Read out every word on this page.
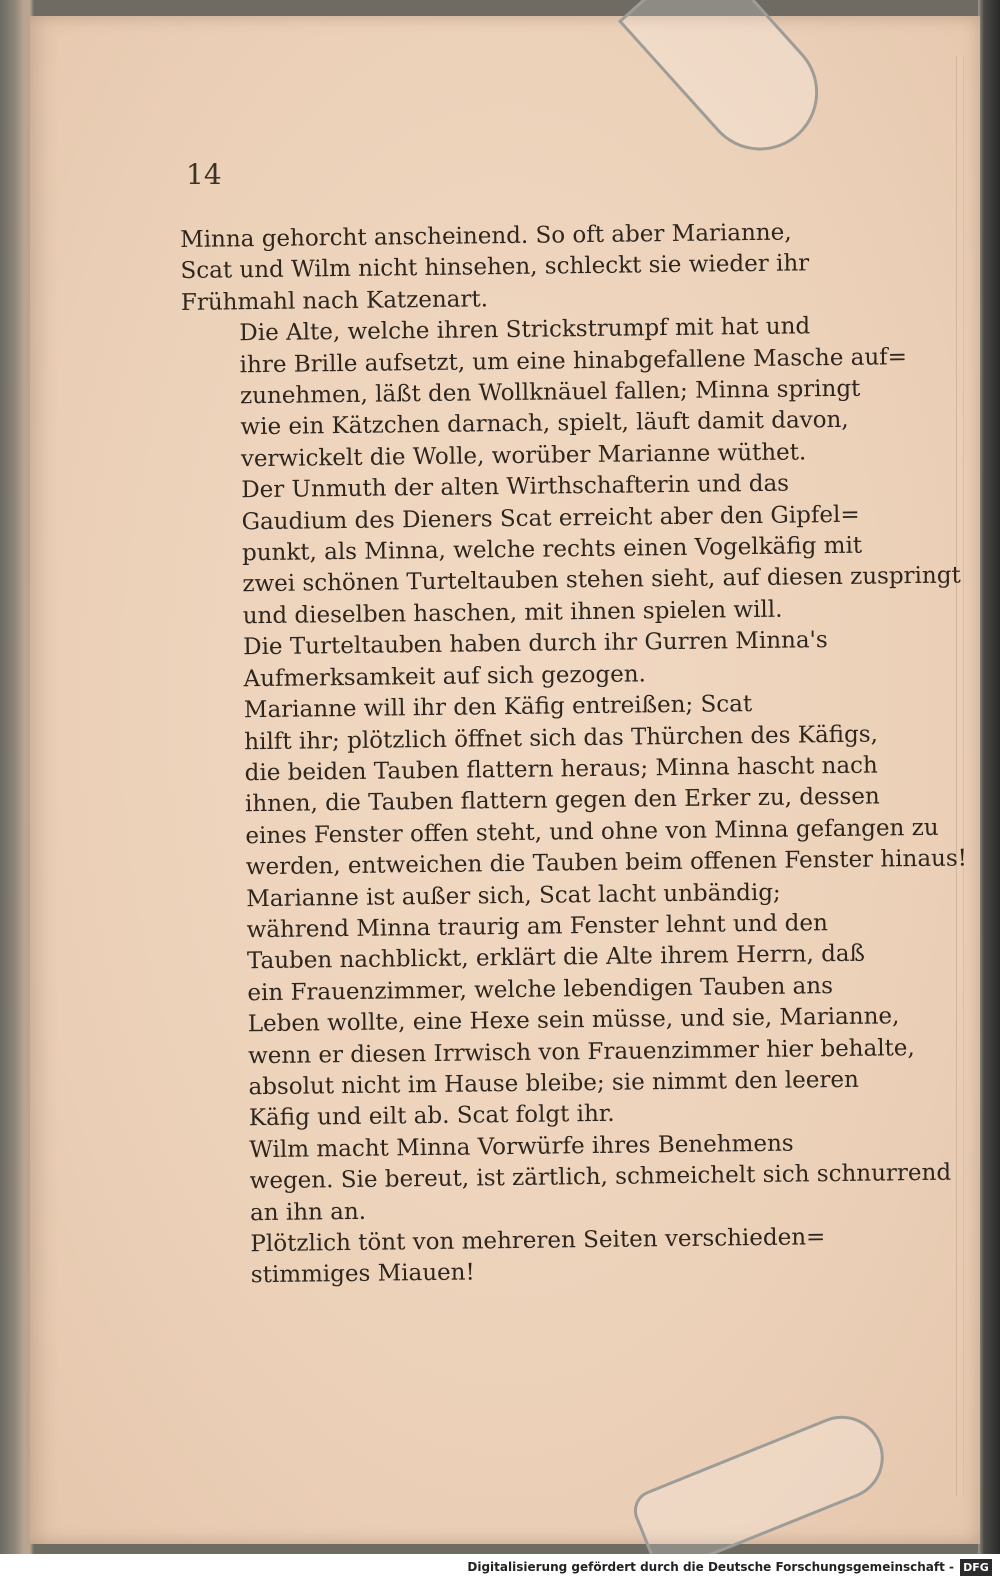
14

Minna gehorcht anscheinend. So oft aber Marianne,
Scat und Wilm nicht hinsehen, schleckt sie wieder ihr
Frühmahl nach Katzenart.

Die Alte, welche ihren Strickstrumpf mit hat und
ihre Brille aufsetzt, um eine hinabgefallene Masche auf=
zunehmen, läßt den Wollknäuel fallen; Minna springt
wie ein Kätzchen darnach, spielt, läuft damit davon,
verwickelt die Wolle, worüber Marianne wüthet.

Der Unmuth der alten Wirthschafterin und das
Gaudium des Dieners Scat erreicht aber den Gipfel=
punkt, als Minna, welche rechts einen Vogelkäfig mit
zwei schönen Turteltauben stehen sieht, auf diesen zuspringt
und dieselben haschen, mit ihnen spielen will.

Die Turteltauben haben durch ihr Gurren Minna's
Aufmerksamkeit auf sich gezogen.

Marianne will ihr den Käfig entreißen; Scat
hilft ihr; plötzlich öffnet sich das Thürchen des Käfigs,
die beiden Tauben flattern heraus; Minna hascht nach
ihnen, die Tauben flattern gegen den Erker zu, dessen
eines Fenster offen steht, und ohne von Minna gefangen zu
werden, entweichen die Tauben beim offenen Fenster hinaus!

Marianne ist außer sich, Scat lacht unbändig;
während Minna traurig am Fenster lehnt und den
Tauben nachblickt, erklärt die Alte ihrem Herrn, daß
ein Frauenzimmer, welche lebendigen Tauben ans
Leben wollte, eine Hexe sein müsse, und sie, Marianne,
wenn er diesen Irrwisch von Frauenzimmer hier behalte,
absolut nicht im Hause bleibe; sie nimmt den leeren
Käfig und eilt ab. Scat folgt ihr.

Wilm macht Minna Vorwürfe ihres Benehmens
wegen. Sie bereut, ist zärtlich, schmeichelt sich schnurrend
an ihn an.

Plötzlich tönt von mehreren Seiten verschieden=
stimmiges Miauen!

Digitalisierung gefördert durch die Deutsche Forschungsgemeinschaft - DFG
